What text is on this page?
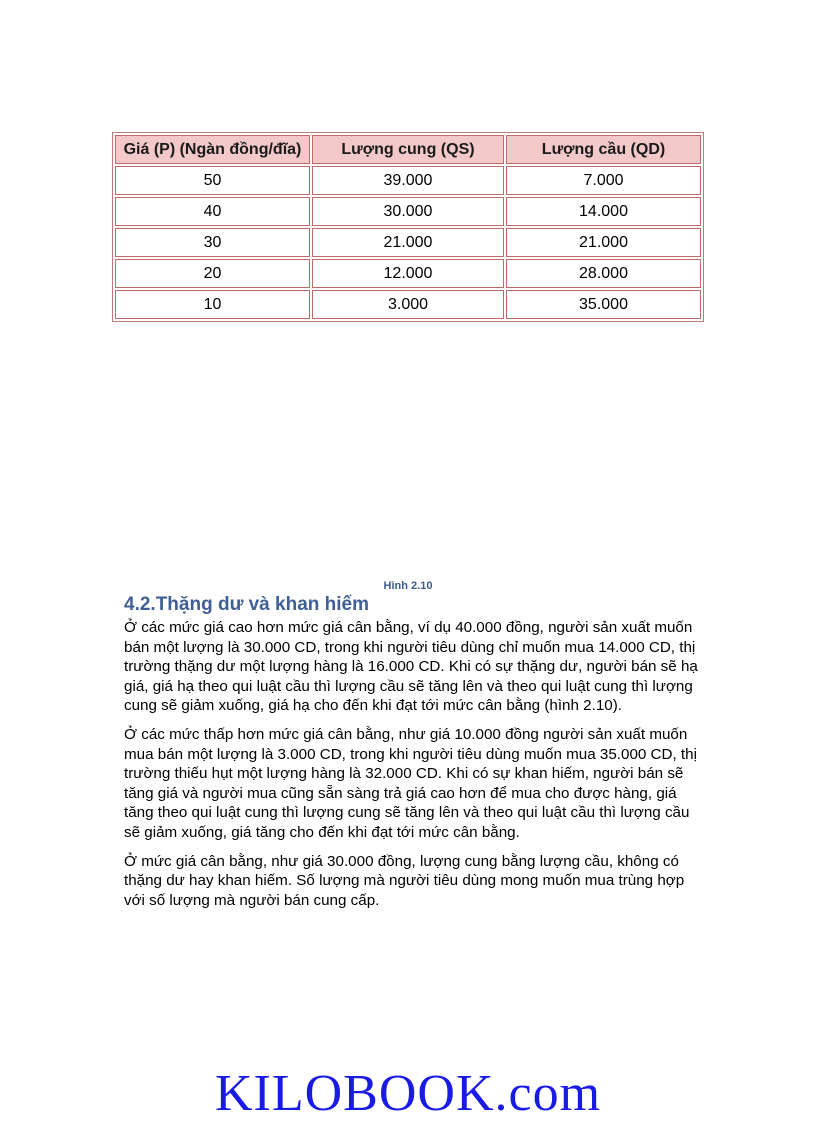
Giá (P) (Ngàn đồng/đĩa)	Lượng cung (QS)	Lượng cầu (QD)
50	39.000	7.000
40	30.000	14.000
30	21.000	21.000
20	12.000	28.000
10	3.000	35.000
Hình 2.10
4.2.Thặng dư và khan hiếm

Ở các mức giá cao hơn mức giá cân bằng, ví dụ 40.000 đồng, người sản xuất muốn bán một lượng là 30.000 CD, trong khi người tiêu dùng chỉ muốn mua 14.000 CD, thị trường thặng dư một lượng hàng là 16.000 CD. Khi có sự thặng dư, người bán sẽ hạ giá, giá hạ theo qui luật cầu thì lượng cầu sẽ tăng lên và theo qui luật cung thì lượng cung sẽ giảm xuống, giá hạ cho đến khi đạt tới mức cân bằng (hình 2.10).

Ở các mức thấp hơn mức giá cân bằng, như giá 10.000 đồng người sản xuất muốn mua bán một lượng là 3.000 CD, trong khi người tiêu dùng muốn mua 35.000 CD, thị trường thiếu hụt một lượng hàng là 32.000 CD. Khi có sự khan hiếm, người bán sẽ tăng giá và người mua cũng sẵn sàng trả giá cao hơn để mua cho được hàng, giá tăng theo qui luật cung thì lượng cung sẽ tăng lên và theo qui luật cầu thì lượng cầu sẽ giảm xuống, giá tăng cho đến khi đạt tới mức cân bằng.

Ở mức giá cân bằng, như giá 30.000 đồng, lượng cung bằng lượng cầu, không có thặng dư hay khan hiếm. Số lượng mà người tiêu dùng mong muốn mua trùng hợp với số lượng mà người bán cung cấp.

KILOBOOK.com
